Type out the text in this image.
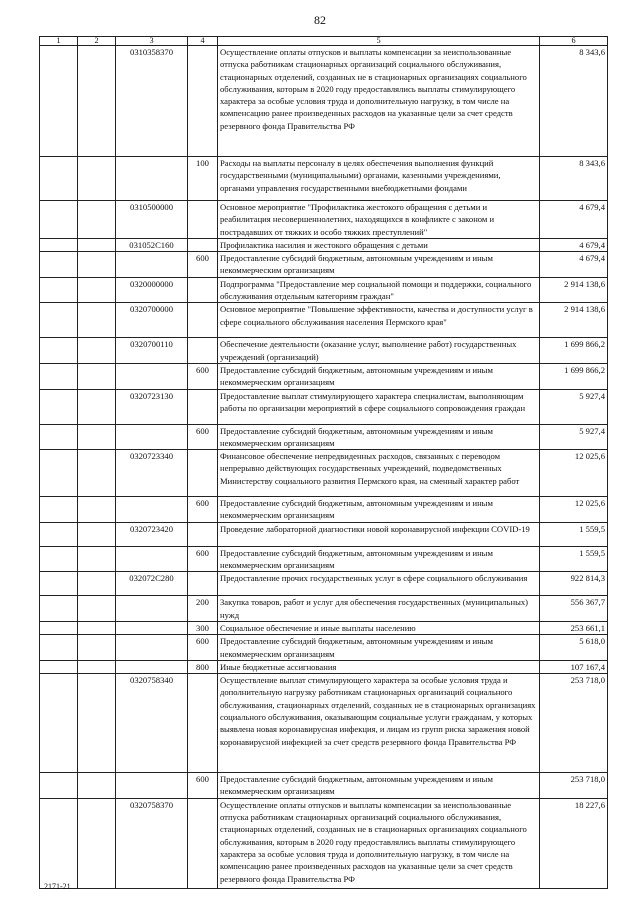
82
1	2	3	4	5	6
		0310358370		Осуществление оплаты отпусков и выплаты компенсации за неиспользованные отпуска работникам стационарных организаций социального обслуживания, стационарных отделений, созданных не в стационарных организациях социального обслуживания, которым в 2020 году предоставлялись выплаты стимулирующего характера за особые условия труда и дополнительную нагрузку, в том числе на компенсацию ранее произведенных расходов на указанные цели за счет средств резервного фонда Правительства РФ	8 343,6
			100	Расходы на выплаты персоналу в целях обеспечения выполнения функций государственными (муниципальными) органами, казенными учреждениями, органами управления государственными внебюджетными фондами	8 343,6
		0310500000		Основное мероприятие "Профилактика жестокого обращения с детьми и реабилитация несовершеннолетних, находящихся в конфликте с законом и пострадавших от тяжких и особо тяжких преступлений"	4 679,4
		031052С160		Профилактика насилия и жестокого обращения с детьми	4 679,4
			600	Предоставление субсидий бюджетным, автономным учреждениям и иным некоммерческим организациям	4 679,4
		0320000000		Подпрограмма "Предоставление мер социальной помощи и поддержки, социального обслуживания отдельным категориям граждан"	2 914 138,6
		0320700000		Основное мероприятие "Повышение эффективности, качества и доступности услуг в сфере социального обслуживания населения Пермского края"	2 914 138,6
		0320700110		Обеспечение деятельности (оказание услуг, выполнение работ) государственных учреждений (организаций)	1 699 866,2
			600	Предоставление субсидий бюджетным, автономным учреждениям и иным некоммерческим организациям	1 699 866,2
		0320723130		Предоставление выплат стимулирующего характера специалистам, выполняющим работы по организации мероприятий в сфере социального сопровождения граждан	5 927,4
			600	Предоставление субсидий бюджетным, автономным учреждениям и иным некоммерческим организациям	5 927,4
		0320723340		Финансовое обеспечение непредвиденных расходов, связанных с переводом непрерывно действующих государственных учреждений, подведомственных Министерству социального развития Пермского края, на сменный характер работ	12 025,6
			600	Предоставление субсидий бюджетным, автономным учреждениям и иным некоммерческим организациям	12 025,6
		0320723420		Проведение лабораторной диагностики новой коронавирусной инфекции COVID-19	1 559,5
			600	Предоставление субсидий бюджетным, автономным учреждениям и иным некоммерческим организациям	1 559,5
		032072С280		Предоставление прочих государственных услуг в сфере социального обслуживания	922 814,3
			200	Закупка товаров, работ и услуг для обеспечения государственных (муниципальных) нужд	556 367,7
			300	Социальное обеспечение и иные выплаты населению	253 661,1
			600	Предоставление субсидий бюджетным, автономным учреждениям и иным некоммерческим организациям	5 618,0
			800	Иные бюджетные ассигнования	107 167,4
		0320758340		Осуществление выплат стимулирующего характера за особые условия труда и дополнительную нагрузку работникам стационарных организаций социального обслуживания, стационарных отделений, созданных не в стационарных организациях социального обслуживания, оказывающим социальные услуги гражданам, у которых выявлена новая коронавирусная инфекция, и лицам из групп риска заражения новой коронавирусной инфекцией за счет средств резервного фонда Правительства РФ	253 718,0
			600	Предоставление субсидий бюджетным, автономным учреждениям и иным некоммерческим организациям	253 718,0
		0320758370		Осуществление оплаты отпусков и выплаты компенсации за неиспользованные отпуска работникам стационарных организаций социального обслуживания, стационарных отделений, созданных не в стационарных организациях социального обслуживания, которым в 2020 году предоставлялись выплаты стимулирующего характера за особые условия труда и дополнительную нагрузку, в том числе на компенсацию ранее произведенных расходов на указанные цели за счет средств резервного фонда Правительства РФ	18 227,6
2171-21
